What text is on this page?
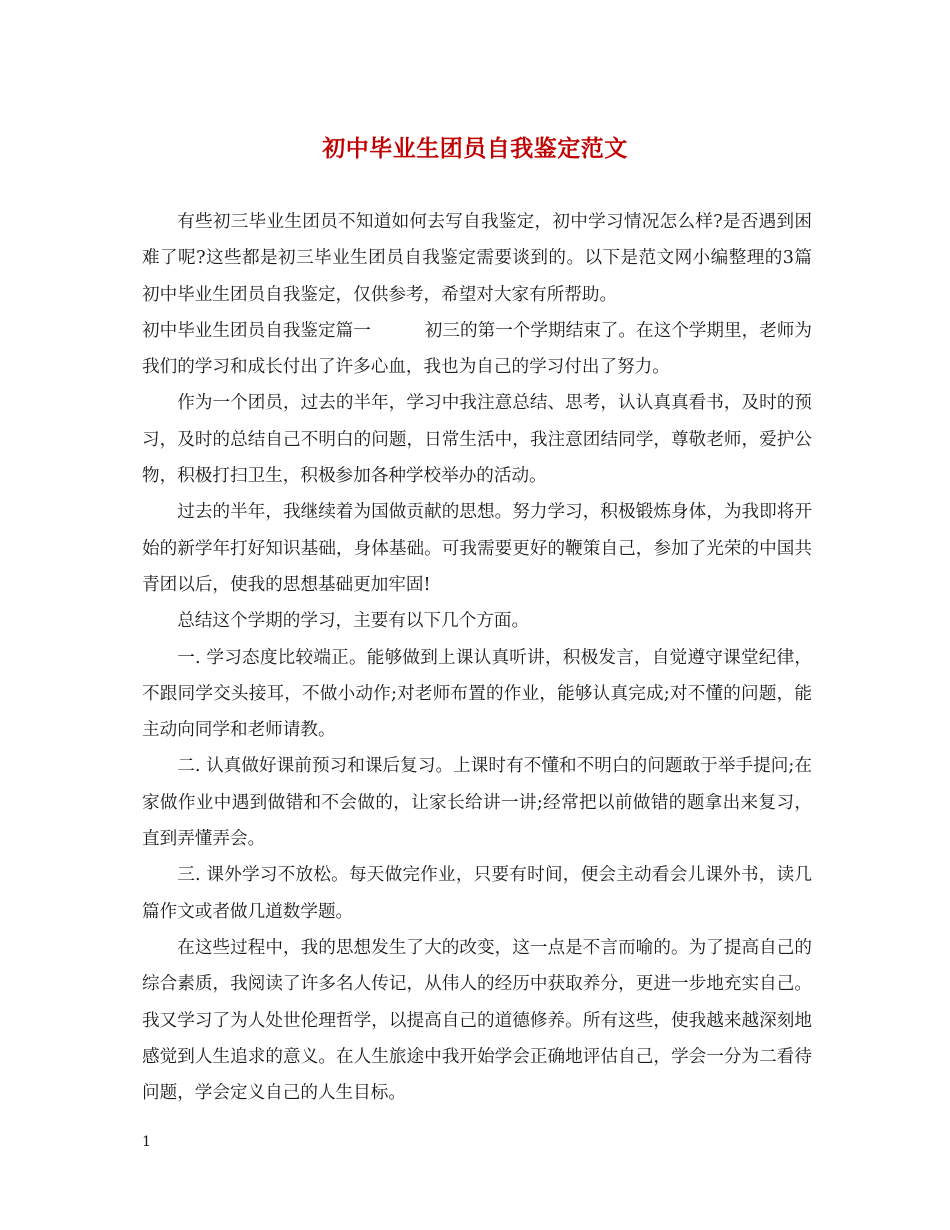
初中毕业生团员自我鉴定范文

有些初三毕业生团员不知道如何去写自我鉴定，初中学习情况怎么样?是否遇到困难了呢?这些都是初三毕业生团员自我鉴定需要谈到的。以下是范文网小编整理的3篇初中毕业生团员自我鉴定，仅供参考，希望对大家有所帮助。

初中毕业生团员自我鉴定篇一	初三的第一个学期结束了。在这个学期里，老师为我们的学习和成长付出了许多心血，我也为自己的学习付出了努力。

作为一个团员，过去的半年，学习中我注意总结、思考，认认真真看书，及时的预习，及时的总结自己不明白的问题，日常生活中，我注意团结同学，尊敬老师，爱护公物，积极打扫卫生，积极参加各种学校举办的活动。

过去的半年，我继续着为国做贡献的思想。努力学习，积极锻炼身体，为我即将开始的新学年打好知识基础，身体基础。可我需要更好的鞭策自己，参加了光荣的中国共青团以后，使我的思想基础更加牢固!

总结这个学期的学习，主要有以下几个方面。

一. 学习态度比较端正。能够做到上课认真听讲，积极发言，自觉遵守课堂纪律，不跟同学交头接耳，不做小动作;对老师布置的作业，能够认真完成;对不懂的问题，能主动向同学和老师请教。

二. 认真做好课前预习和课后复习。上课时有不懂和不明白的问题敢于举手提问;在家做作业中遇到做错和不会做的，让家长给讲一讲;经常把以前做错的题拿出来复习，直到弄懂弄会。

三. 课外学习不放松。每天做完作业，只要有时间，便会主动看会儿课外书，读几篇作文或者做几道数学题。

在这些过程中，我的思想发生了大的改变，这一点是不言而喻的。为了提高自己的综合素质，我阅读了许多名人传记，从伟人的经历中获取养分，更进一步地充实自己。我又学习了为人处世伦理哲学，以提高自己的道德修养。所有这些，使我越来越深刻地感觉到人生追求的意义。在人生旅途中我开始学会正确地评估自己，学会一分为二看待问题，学会定义自己的人生目标。

1
